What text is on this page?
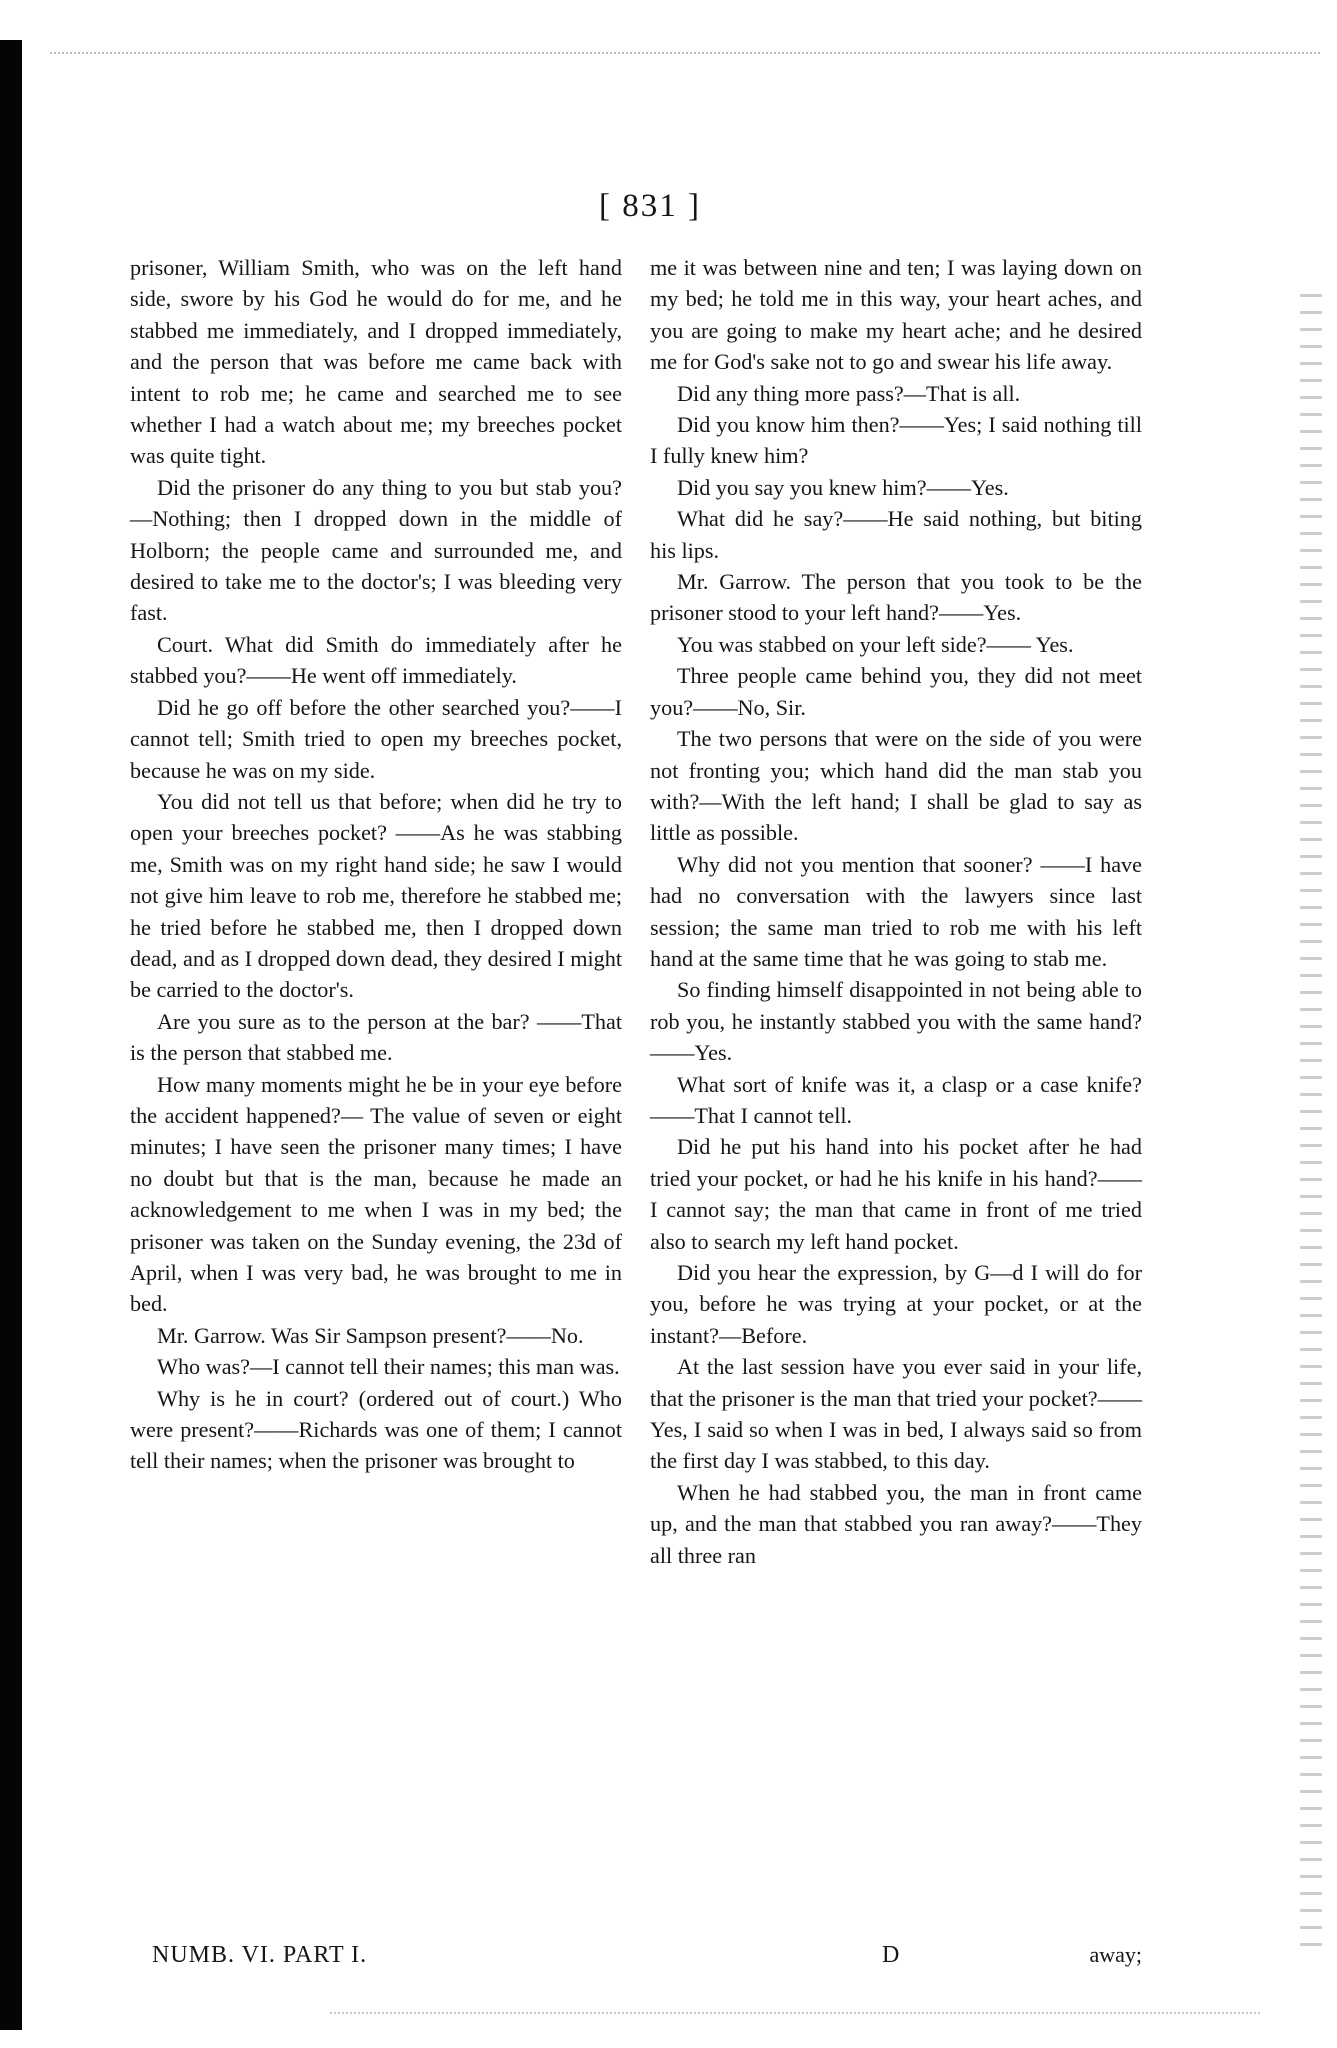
[ 831 ]

prisoner, William Smith, who was on the left hand side, swore by his God he would do for me, and he stabbed me immediately, and I dropped immediately, and the person that was before me came back with intent to rob me; he came and searched me to see whether I had a watch about me; my breeches pocket was quite tight.

Did the prisoner do any thing to you but stab you?—Nothing; then I dropped down in the middle of Holborn; the people came and surrounded me, and desired to take me to the doctor's; I was bleeding very fast.

Court. What did Smith do immediately after he stabbed you?——He went off immediately.

Did he go off before the other searched you?——I cannot tell; Smith tried to open my breeches pocket, because he was on my side.

You did not tell us that before; when did he try to open your breeches pocket? ——As he was stabbing me, Smith was on my right hand side; he saw I would not give him leave to rob me, therefore he stabbed me; he tried before he stabbed me, then I dropped down dead, and as I dropped down dead, they desired I might be carried to the doctor's.

Are you sure as to the person at the bar? ——That is the person that stabbed me.

How many moments might he be in your eye before the accident happened?— The value of seven or eight minutes; I have seen the prisoner many times; I have no doubt but that is the man, because he made an acknowledgement to me when I was in my bed; the prisoner was taken on the Sunday evening, the 23d of April, when I was very bad, he was brought to me in bed.

Mr. Garrow. Was Sir Sampson present?——No.

Who was?—I cannot tell their names; this man was.

Why is he in court? (ordered out of court.) Who were present?——Richards was one of them; I cannot tell their names; when the prisoner was brought to

me it was between nine and ten; I was laying down on my bed; he told me in this way, your heart aches, and you are going to make my heart ache; and he desired me for God's sake not to go and swear his life away.

Did any thing more pass?—That is all.

Did you know him then?——Yes; I said nothing till I fully knew him?

Did you say you knew him?——Yes.

What did he say?——He said nothing, but biting his lips.

Mr. Garrow. The person that you took to be the prisoner stood to your left hand?——Yes.

You was stabbed on your left side?—— Yes.

Three people came behind you, they did not meet you?——No, Sir.

The two persons that were on the side of you were not fronting you; which hand did the man stab you with?—With the left hand; I shall be glad to say as little as possible.

Why did not you mention that sooner? ——I have had no conversation with the lawyers since last session; the same man tried to rob me with his left hand at the same time that he was going to stab me.

So finding himself disappointed in not being able to rob you, he instantly stabbed you with the same hand?——Yes.

What sort of knife was it, a clasp or a case knife?——That I cannot tell.

Did he put his hand into his pocket after he had tried your pocket, or had he his knife in his hand?——I cannot say; the man that came in front of me tried also to search my left hand pocket.

Did you hear the expression, by G—d I will do for you, before he was trying at your pocket, or at the instant?—Before.

At the last session have you ever said in your life, that the prisoner is the man that tried your pocket?——Yes, I said so when I was in bed, I always said so from the first day I was stabbed, to this day.

When he had stabbed you, the man in front came up, and the man that stabbed you ran away?——They all three ran

NUMB. VI. PART I.	D	away;
